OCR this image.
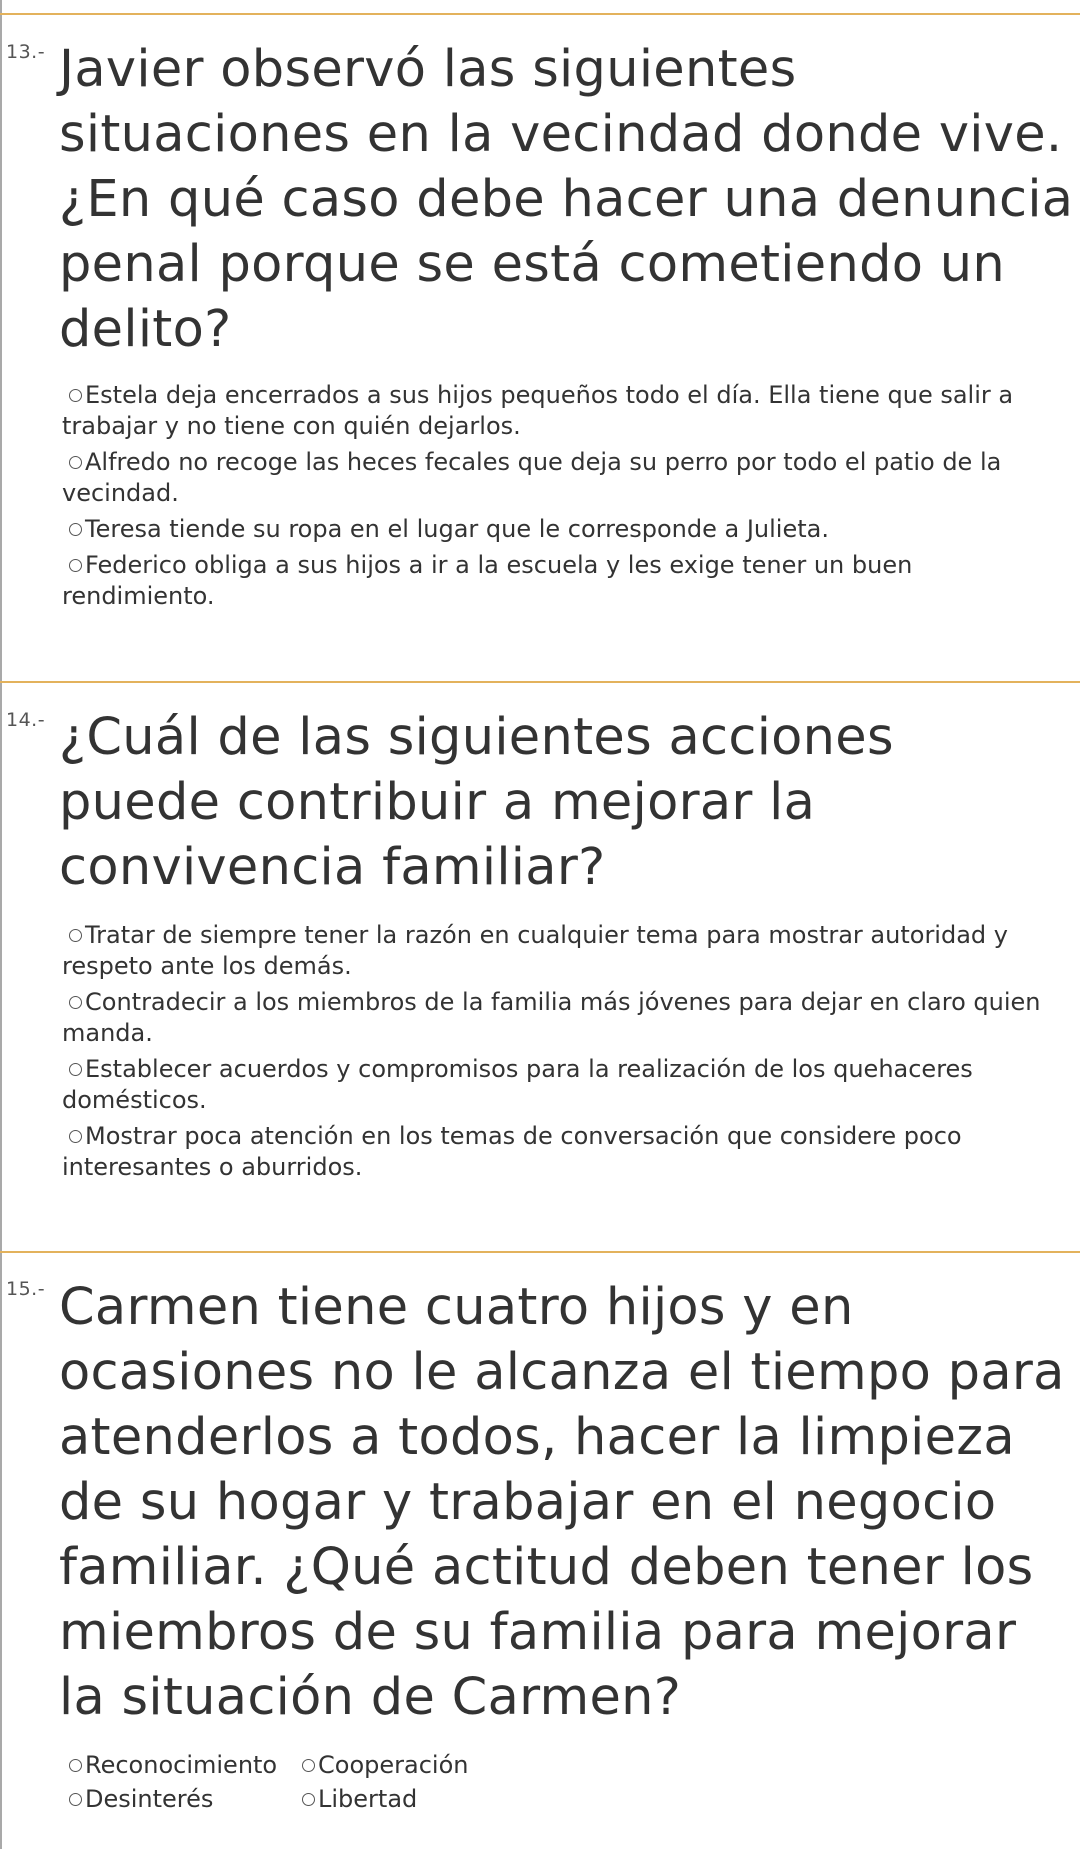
13.- Javier observó las siguientes situaciones en la vecindad donde vive. ¿En qué caso debe hacer una denuncia penal porque se está cometiendo un delito?
Estela deja encerrados a sus hijos pequeños todo el día. Ella tiene que salir a trabajar y no tiene con quién dejarlos.
Alfredo no recoge las heces fecales que deja su perro por todo el patio de la vecindad.
Teresa tiende su ropa en el lugar que le corresponde a Julieta.
Federico obliga a sus hijos a ir a la escuela y les exige tener un buen rendimiento.
14.- ¿Cuál de las siguientes acciones puede contribuir a mejorar la convivencia familiar?
Tratar de siempre tener la razón en cualquier tema para mostrar autoridad y respeto ante los demás.
Contradecir a los miembros de la familia más jóvenes para dejar en claro quien manda.
Establecer acuerdos y compromisos para la realización de los quehaceres domésticos.
Mostrar poca atención en los temas de conversación que considere poco interesantes o aburridos.
15.- Carmen tiene cuatro hijos y en ocasiones no le alcanza el tiempo para atenderlos a todos, hacer la limpieza de su hogar y trabajar en el negocio familiar. ¿Qué actitud deben tener los miembros de su familia para mejorar la situación de Carmen?
Reconocimiento	Cooperación
Desinterés	Libertad
